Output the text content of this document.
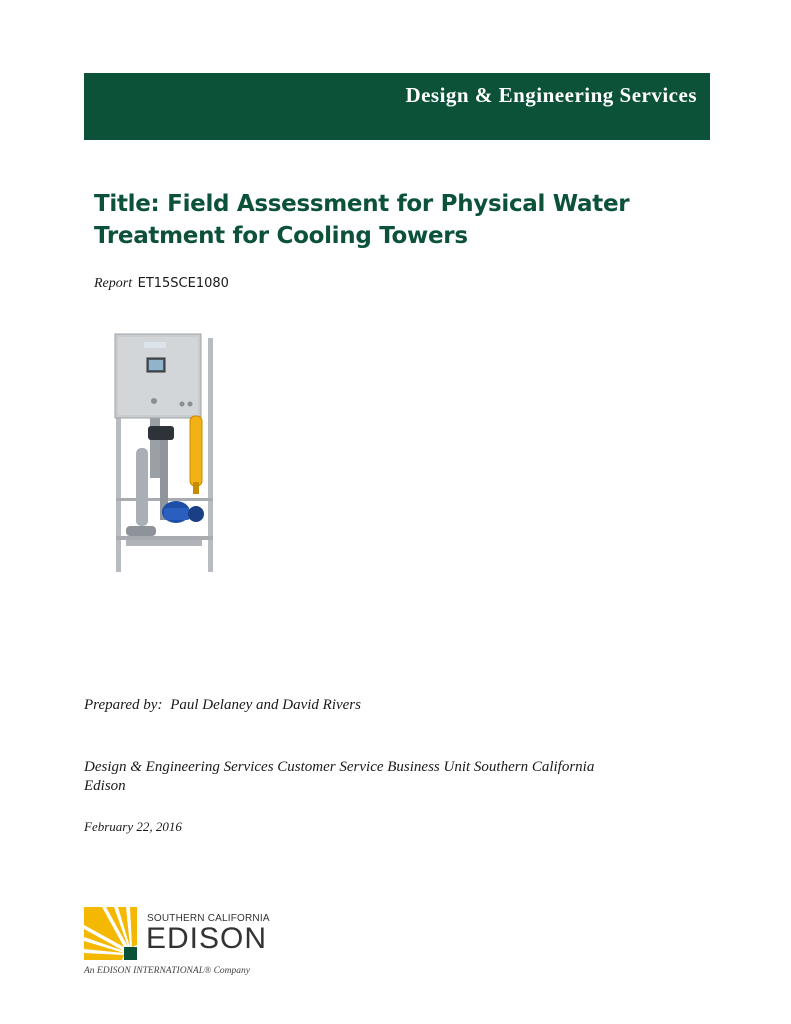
Design & Engineering Services
Title: Field Assessment for Physical Water
Treatment for Cooling Towers
Report ET15SCE1080
Prepared by: Paul Delaney and David Rivers
Design & Engineering Services Customer Service Business Unit Southern California
Edison
February 22, 2016
SOUTHERN CALIFORNIA
EDISON
An EDISON INTERNATIONAL® Company
